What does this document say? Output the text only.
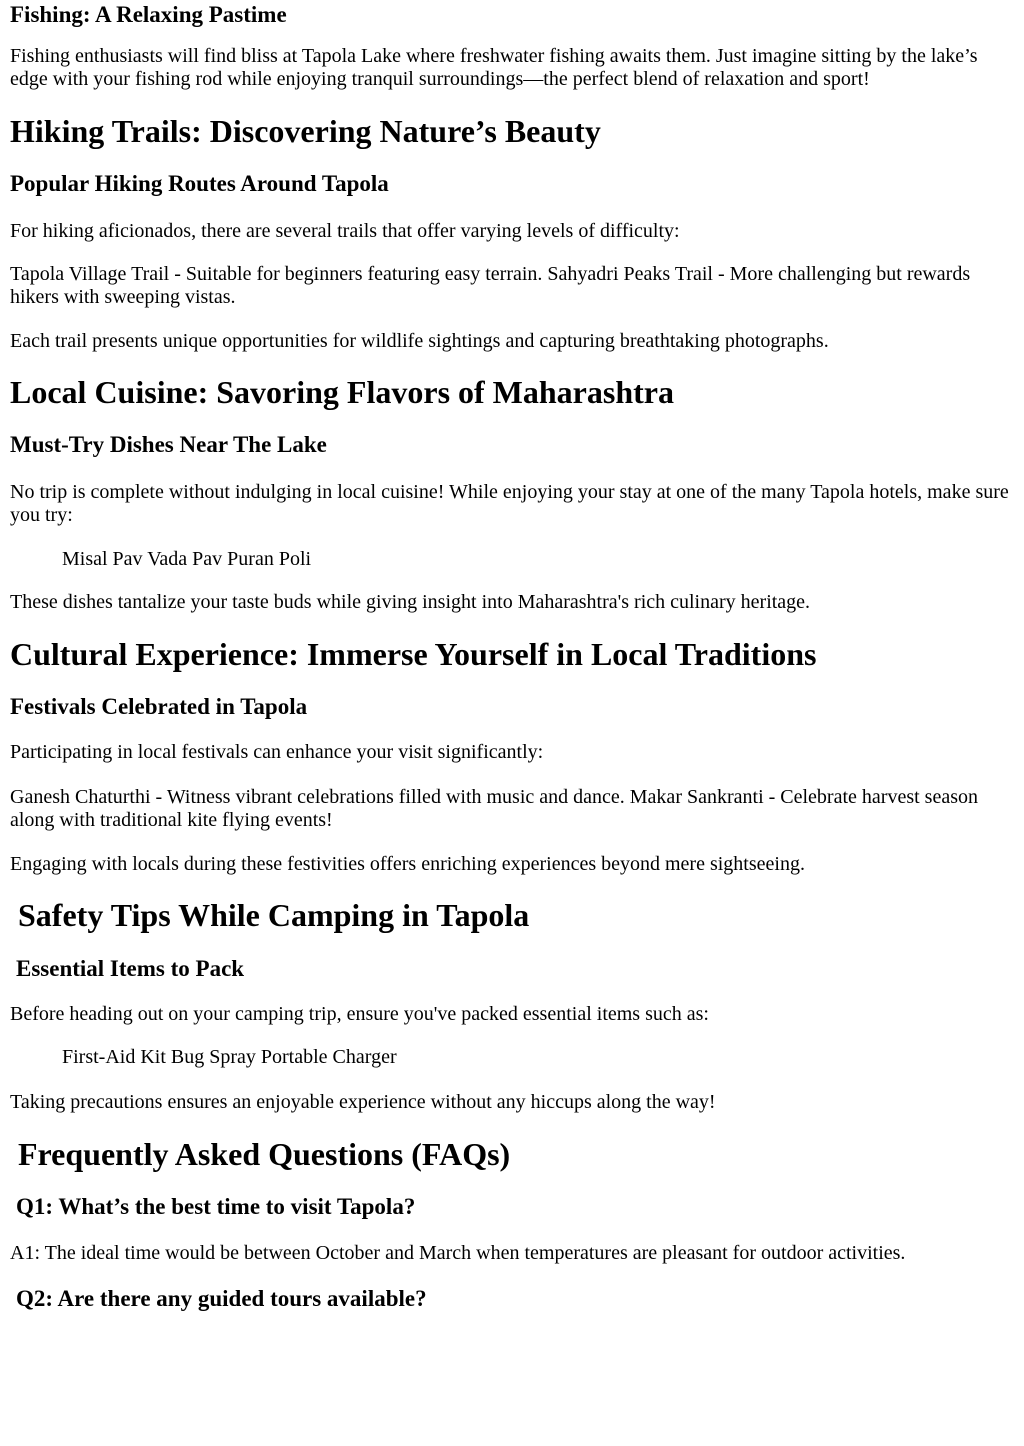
Fishing: A Relaxing Pastime

Fishing enthusiasts will find bliss at Tapola Lake where freshwater fishing awaits them. Just imagine sitting by the lake’s edge with your fishing rod while enjoying tranquil surroundings—the perfect blend of relaxation and sport!

Hiking Trails: Discovering Nature’s Beauty
Popular Hiking Routes Around Tapola

For hiking aficionados, there are several trails that offer varying levels of difficulty:

Tapola Village Trail - Suitable for beginners featuring easy terrain. Sahyadri Peaks Trail - More challenging but rewards hikers with sweeping vistas.

Each trail presents unique opportunities for wildlife sightings and capturing breathtaking photographs.

Local Cuisine: Savoring Flavors of Maharashtra
Must-Try Dishes Near The Lake

No trip is complete without indulging in local cuisine! While enjoying your stay at one of the many Tapola hotels, make sure you try:

Misal Pav Vada Pav Puran Poli

These dishes tantalize your taste buds while giving insight into Maharashtra's rich culinary heritage.

Cultural Experience: Immerse Yourself in Local Traditions
Festivals Celebrated in Tapola

Participating in local festivals can enhance your visit significantly:

Ganesh Chaturthi - Witness vibrant celebrations filled with music and dance. Makar Sankranti - Celebrate harvest season along with traditional kite flying events!

Engaging with locals during these festivities offers enriching experiences beyond mere sightseeing.

Safety Tips While Camping in Tapola
Essential Items to Pack

Before heading out on your camping trip, ensure you've packed essential items such as:

First-Aid Kit Bug Spray Portable Charger

Taking precautions ensures an enjoyable experience without any hiccups along the way!

Frequently Asked Questions (FAQs)
Q1: What’s the best time to visit Tapola?

A1: The ideal time would be between October and March when temperatures are pleasant for outdoor activities.

Q2: Are there any guided tours available?
